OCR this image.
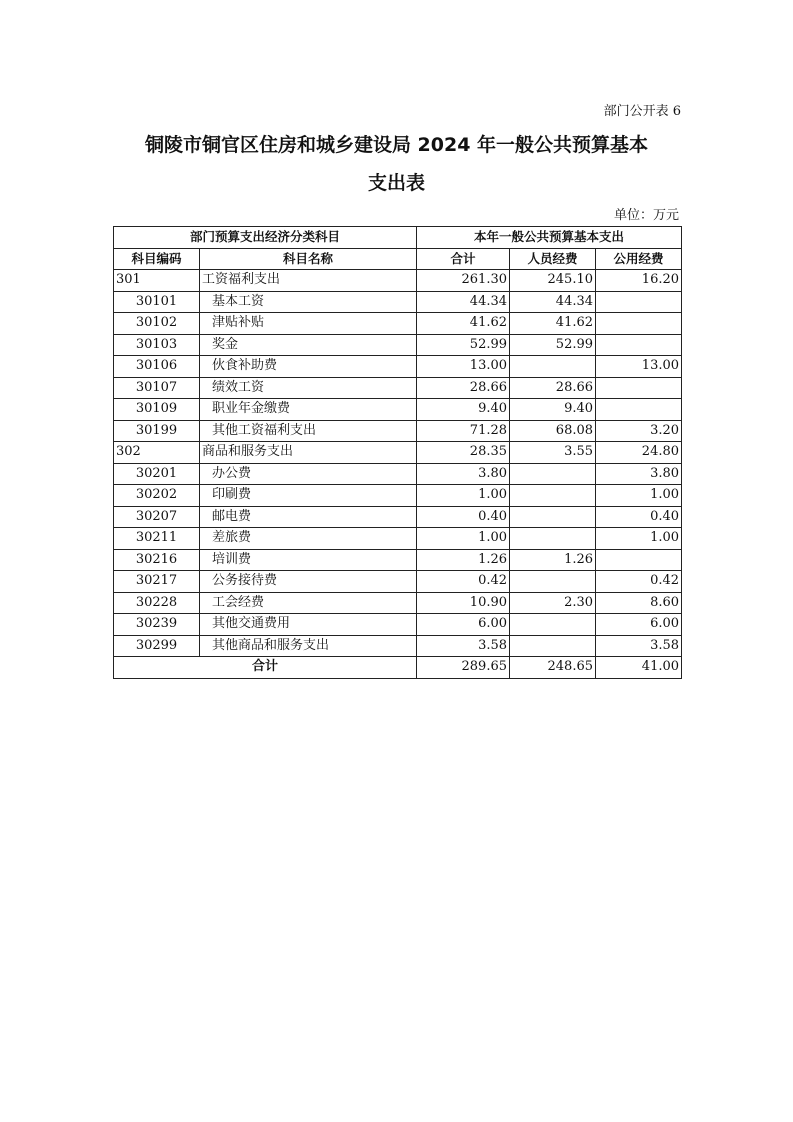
部门公开表 6
铜陵市铜官区住房和城乡建设局 2024 年一般公共预算基本
支出表
单位：万元
部门预算支出经济分类科目		本年一般公共预算基本支出		
科目编码	科目名称	合计	人员经费	公用经费
301	工资福利支出	261.30	245.10	16.20
30101	基本工资	44.34	44.34	
30102	津贴补贴	41.62	41.62	
30103	奖金	52.99	52.99	
30106	伙食补助费	13.00		13.00
30107	绩效工资	28.66	28.66	
30109	职业年金缴费	9.40	9.40	
30199	其他工资福利支出	71.28	68.08	3.20
302	商品和服务支出	28.35	3.55	24.80
30201	办公费	3.80		3.80
30202	印刷费	1.00		1.00
30207	邮电费	0.40		0.40
30211	差旅费	1.00		1.00
30216	培训费	1.26	1.26	
30217	公务接待费	0.42		0.42
30228	工会经费	10.90	2.30	8.60
30239	其他交通费用	6.00		6.00
30299	其他商品和服务支出	3.58		3.58
合计		289.65	248.65	41.00
